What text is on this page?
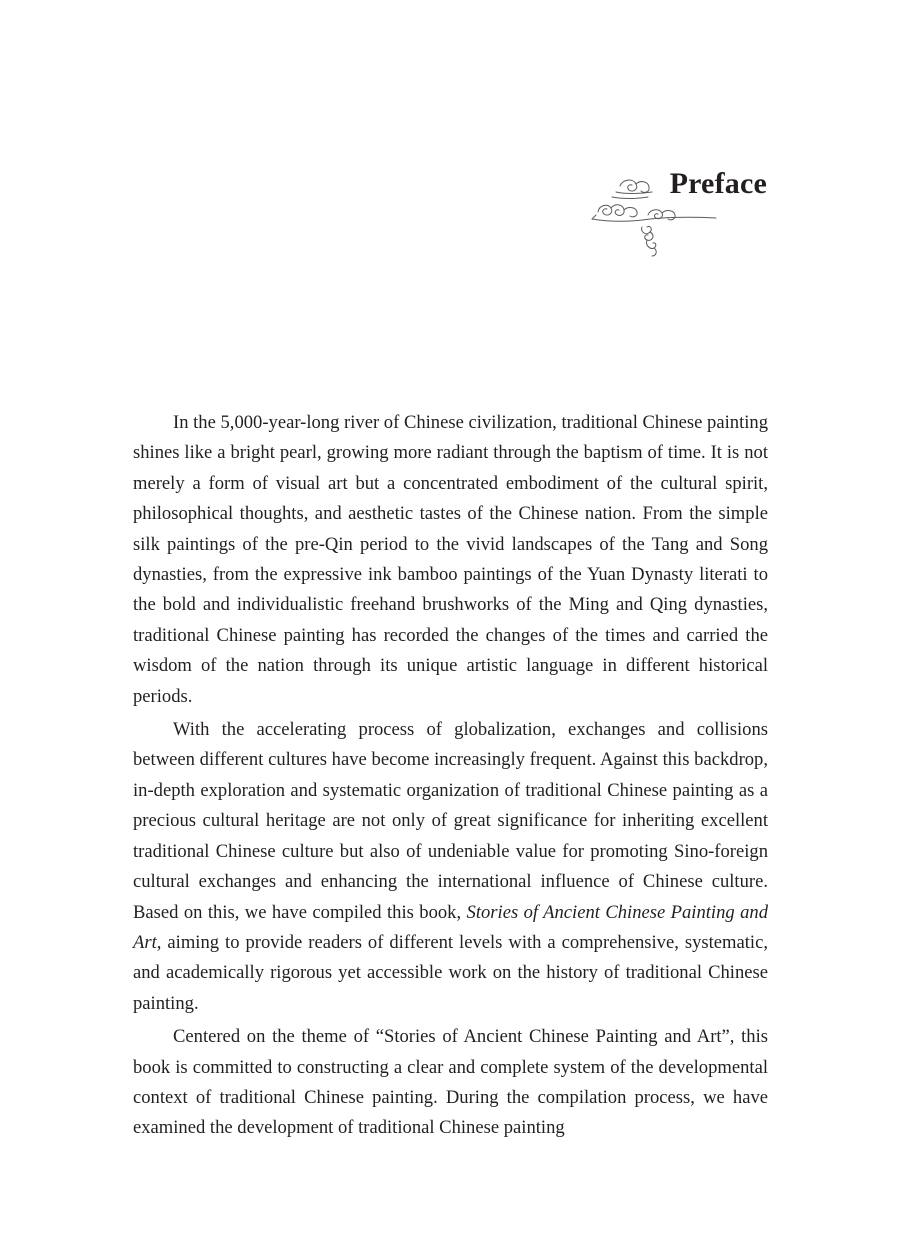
Preface

In the 5,000-year-long river of Chinese civilization, traditional Chinese painting shines like a bright pearl, growing more radiant through the baptism of time. It is not merely a form of visual art but a concentrated embodiment of the cultural spirit, philosophical thoughts, and aesthetic tastes of the Chinese nation. From the simple silk paintings of the pre-Qin period to the vivid landscapes of the Tang and Song dynasties, from the expressive ink bamboo paintings of the Yuan Dynasty literati to the bold and individualistic freehand brushworks of the Ming and Qing dynasties, traditional Chinese painting has recorded the changes of the times and carried the wisdom of the nation through its unique artistic language in different historical periods.

With the accelerating process of globalization, exchanges and collisions between different cultures have become increasingly frequent. Against this backdrop, in-depth exploration and systematic organization of traditional Chinese painting as a precious cultural heritage are not only of great significance for inheriting excellent traditional Chinese culture but also of undeniable value for promoting Sino-foreign cultural exchanges and enhancing the international influence of Chinese culture. Based on this, we have compiled this book, Stories of Ancient Chinese Painting and Art, aiming to provide readers of different levels with a comprehensive, systematic, and academically rigorous yet accessible work on the history of traditional Chinese painting.

Centered on the theme of “Stories of Ancient Chinese Painting and Art”, this book is committed to constructing a clear and complete system of the developmental context of traditional Chinese painting. During the compilation process, we have examined the development of traditional Chinese painting
